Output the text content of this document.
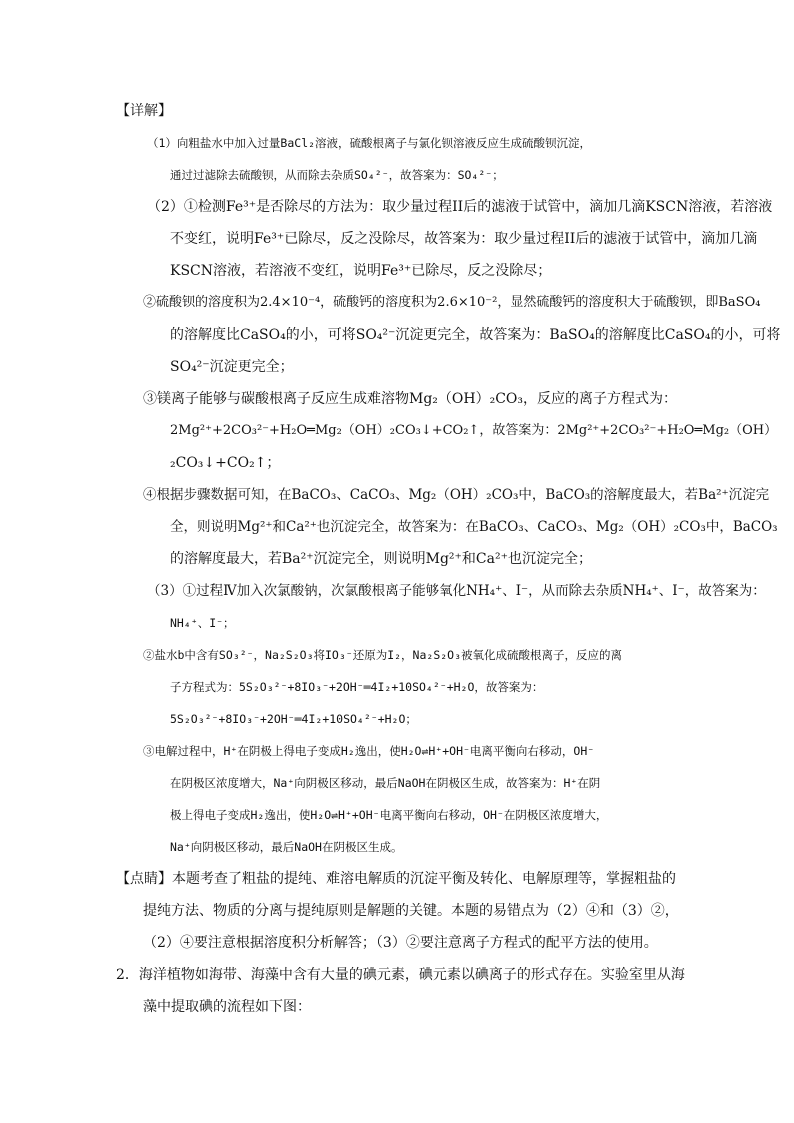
【详解】
（1）向粗盐水中加入过量BaCl₂溶液，硫酸根离子与氯化钡溶液反应生成硫酸钡沉淀，
通过过滤除去硫酸钡，从而除去杂质SO₄²⁻，故答案为：SO₄²⁻；
（2）①检测Fe³⁺是否除尽的方法为：取少量过程II后的滤液于试管中，滴加几滴KSCN溶液，若溶液
不变红，说明Fe³⁺已除尽，反之没除尽，故答案为：取少量过程II后的滤液于试管中，滴加几滴
KSCN溶液，若溶液不变红，说明Fe³⁺已除尽，反之没除尽；
②硫酸钡的溶度积为2.4×10⁻⁴，硫酸钙的溶度积为2.6×10⁻²，显然硫酸钙的溶度积大于硫酸钡，即BaSO₄
的溶解度比CaSO₄的小，可将SO₄²⁻沉淀更完全，故答案为：BaSO₄的溶解度比CaSO₄的小，可将
SO₄²⁻沉淀更完全；
③镁离子能够与碳酸根离子反应生成难溶物Mg₂（OH）₂CO₃，反应的离子方程式为：
2Mg²⁺+2CO₃²⁻+H₂O═Mg₂（OH）₂CO₃↓+CO₂↑，故答案为：2Mg²⁺+2CO₃²⁻+H₂O═Mg₂（OH）
₂CO₃↓+CO₂↑；
④根据步骤数据可知，在BaCO₃、CaCO₃、Mg₂（OH）₂CO₃中，BaCO₃的溶解度最大，若Ba²⁺沉淀完
全，则说明Mg²⁺和Ca²⁺也沉淀完全，故答案为：在BaCO₃、CaCO₃、Mg₂（OH）₂CO₃中，BaCO₃
的溶解度最大，若Ba²⁺沉淀完全，则说明Mg²⁺和Ca²⁺也沉淀完全；
（3）①过程Ⅳ加入次氯酸钠，次氯酸根离子能够氧化NH₄⁺、I⁻，从而除去杂质NH₄⁺、I⁻，故答案为：
NH₄⁺、I⁻；
②盐水b中含有SO₃²⁻，Na₂S₂O₃将IO₃⁻还原为I₂，Na₂S₂O₃被氧化成硫酸根离子，反应的离
子方程式为：5S₂O₃²⁻+8IO₃⁻+2OH⁻═4I₂+10SO₄²⁻+H₂O，故答案为：
5S₂O₃²⁻+8IO₃⁻+2OH⁻═4I₂+10SO₄²⁻+H₂O；
③电解过程中，H⁺在阴极上得电子变成H₂逸出，使H₂O⇌H⁺+OH⁻电离平衡向右移动，OH⁻
在阴极区浓度增大，Na⁺向阴极区移动，最后NaOH在阴极区生成，故答案为：H⁺在阴
极上得电子变成H₂逸出，使H₂O⇌H⁺+OH⁻电离平衡向右移动，OH⁻在阴极区浓度增大，
Na⁺向阴极区移动，最后NaOH在阴极区生成。
【点睛】本题考查了粗盐的提纯、难溶电解质的沉淀平衡及转化、电解原理等，掌握粗盐的
提纯方法、物质的分离与提纯原则是解题的关键。本题的易错点为（2）④和（3）②，
（2）④要注意根据溶度积分析解答；（3）②要注意离子方程式的配平方法的使用。
2．海洋植物如海带、海藻中含有大量的碘元素，碘元素以碘离子的形式存在。实验室里从海
藻中提取碘的流程如下图：
